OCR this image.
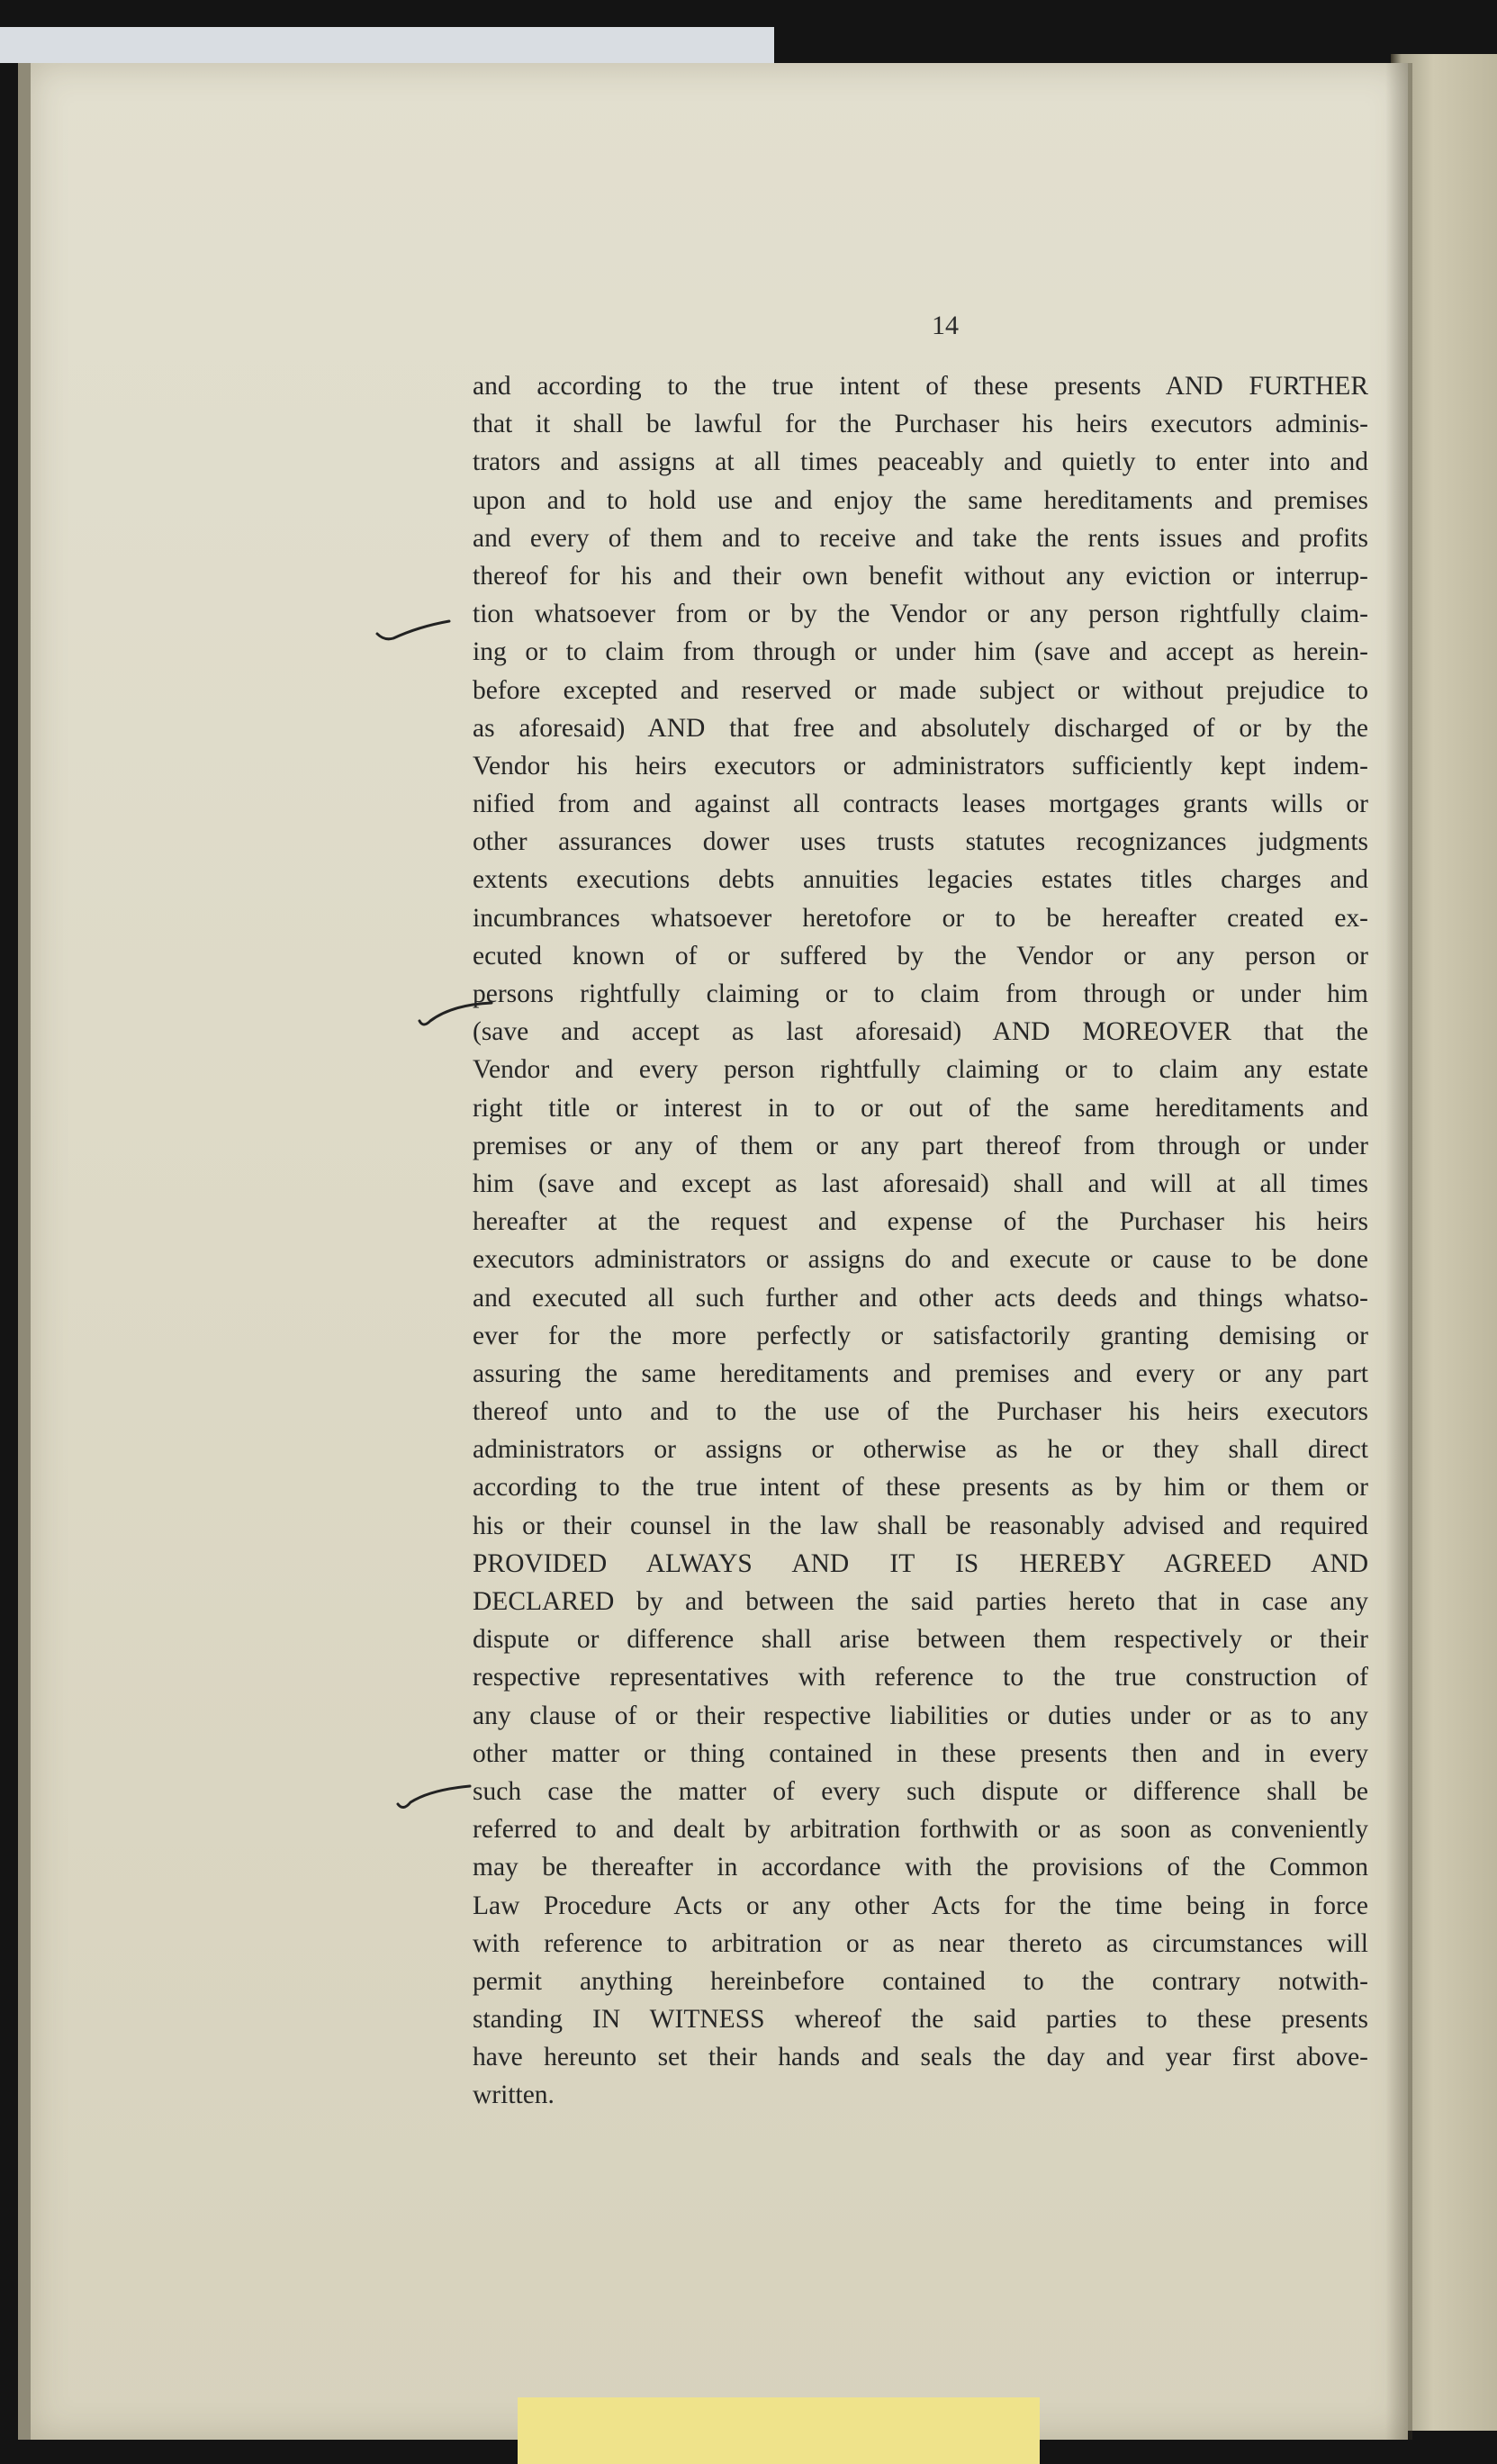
14
and according to the true intent of these presents AND FURTHER
that it shall be lawful for the Purchaser his heirs executors adminis-
trators and assigns at all times peaceably and quietly to enter into and
upon and to hold use and enjoy the same hereditaments and premises
and every of them and to receive and take the rents issues and profits
thereof for his and their own benefit without any eviction or interrup-
tion whatsoever from or by the Vendor or any person rightfully claim-
ing or to claim from through or under him (save and accept as herein-
before excepted and reserved or made subject or without prejudice to
as aforesaid) AND that free and absolutely discharged of or by the
Vendor his heirs executors or administrators sufficiently kept indem-
nified from and against all contracts leases mortgages grants wills or
other assurances dower uses trusts statutes recognizances judgments
extents executions debts annuities legacies estates titles charges and
incumbrances whatsoever heretofore or to be hereafter created ex-
ecuted known of or suffered by the Vendor or any person or
persons rightfully claiming or to claim from through or under him
(save and accept as last aforesaid) AND MOREOVER that the
Vendor and every person rightfully claiming or to claim any estate
right title or interest in to or out of the same hereditaments and
premises or any of them or any part thereof from through or under
him (save and except as last aforesaid) shall and will at all times
hereafter at the request and expense of the Purchaser his heirs
executors administrators or assigns do and execute or cause to be done
and executed all such further and other acts deeds and things whatso-
ever for the more perfectly or satisfactorily granting demising or
assuring the same hereditaments and premises and every or any part
thereof unto and to the use of the Purchaser his heirs executors
administrators or assigns or otherwise as he or they shall direct
according to the true intent of these presents as by him or them or
his or their counsel in the law shall be reasonably advised and required
PROVIDED ALWAYS AND IT IS HEREBY AGREED AND
DECLARED by and between the said parties hereto that in case any
dispute or difference shall arise between them respectively or their
respective representatives with reference to the true construction of
any clause of or their respective liabilities or duties under or as to any
other matter or thing contained in these presents then and in every
such case the matter of every such dispute or difference shall be
referred to and dealt by arbitration forthwith or as soon as conveniently
may be thereafter in accordance with the provisions of the Common
Law Procedure Acts or any other Acts for the time being in force
with reference to arbitration or as near thereto as circumstances will
permit anything hereinbefore contained to the contrary notwith-
standing IN WITNESS whereof the said parties to these presents
have hereunto set their hands and seals the day and year first above-
written.
